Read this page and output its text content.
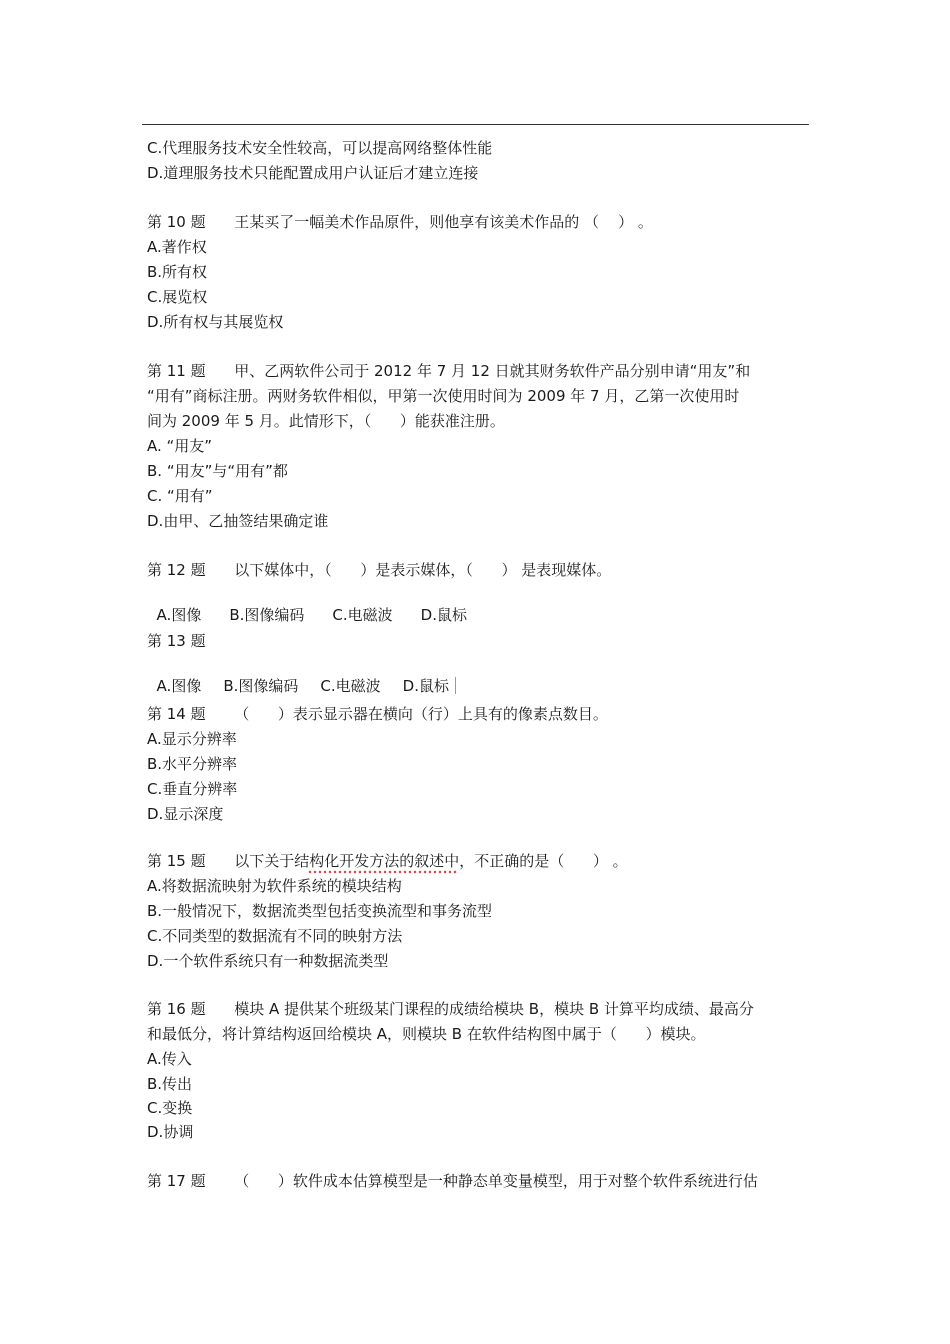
C.代理服务技术安全性较高，可以提高网络整体性能
D.道理服务技术只能配置成用户认证后才建立连接
第 10 题      王某买了一幅美术作品原件，则他享有该美术作品的 （    ） 。
A.著作权
B.所有权
C.展览权
D.所有权与其展览权
第 11 题      甲、乙两软件公司于 2012 年 7 月 12 日就其财务软件产品分别申请“用友”和
“用有”商标注册。两财务软件相似，甲第一次使用时间为 2009 年 7 月，乙第一次使用时
间为 2009 年 5 月。此情形下，（      ）能获准注册。
A. “用友”
B. “用友”与“用有”都
C. “用有”
D.由甲、乙抽签结果确定谁
第 12 题      以下媒体中，（      ）是表示媒体，（      ） 是表现媒体。

A.图像 B.图像编码 C.电磁波 D.鼠标

第 13 题

A.图像 B.图像编码 C.电磁波 D.鼠标

第 14 题      （      ）表示显示器在横向（行）上具有的像素点数目。
A.显示分辨率
B.水平分辨率
C.垂直分辨率
D.显示深度
第 15 题      以下关于结构化开发方法的叙述中，不正确的是（      ） 。
A.将数据流映射为软件系统的模块结构
B.一般情况下，数据流类型包括变换流型和事务流型
C.不同类型的数据流有不同的映射方法
D.一个软件系统只有一种数据流类型
第 16 题      模块 A 提供某个班级某门课程的成绩给模块 B，模块 B 计算平均成绩、最高分
和最低分，将计算结构返回给模块 A，则模块 B 在软件结构图中属于（      ）模块。
A.传入
B.传出
C.变换
D.协调
第 17 题      （      ）软件成本估算模型是一种静态单变量模型，用于对整个软件系统进行估
